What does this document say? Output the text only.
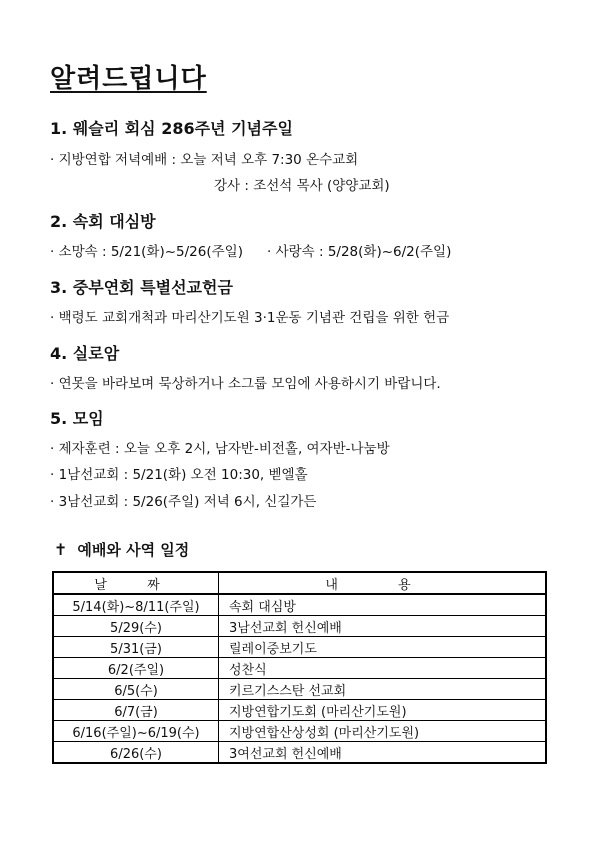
알려드립니다
1. 웨슬리 회심 286주년 기념주일
· 지방연합 저녁예배 : 오늘 저녁 오후 7:30 온수교회
강사 : 조선석 목사 (양양교회)
2. 속회 대심방
· 소망속 : 5/21(화)~5/26(주일) · 사랑속 : 5/28(화)~6/2(주일)
3. 중부연회 특별선교헌금
· 백령도 교회개척과 마리산기도원 3·1운동 기념관 건립을 위한 헌금
4. 실로암
· 연못을 바라보며 묵상하거나 소그룹 모임에 사용하시기 바랍니다.
5. 모임
· 제자훈련 : 오늘 오후 2시, 남자반-비전홀, 여자반-나눔방
· 1남선교회 : 5/21(화) 오전 10:30, 벧엘홀
· 3남선교회 : 5/26(주일) 저녁 6시, 신길가든
✝ 예배와 사역 일정
날 짜	내 용
5/14(화)~8/11(주일)	속회 대심방
5/29(수)	3남선교회 헌신예배
5/31(금)	릴레이중보기도
6/2(주일)	성찬식
6/5(수)	키르기스스탄 선교회
6/7(금)	지방연합기도회 (마리산기도원)
6/16(주일)~6/19(수)	지방연합산상성회 (마리산기도원)
6/26(수)	3여선교회 헌신예배
